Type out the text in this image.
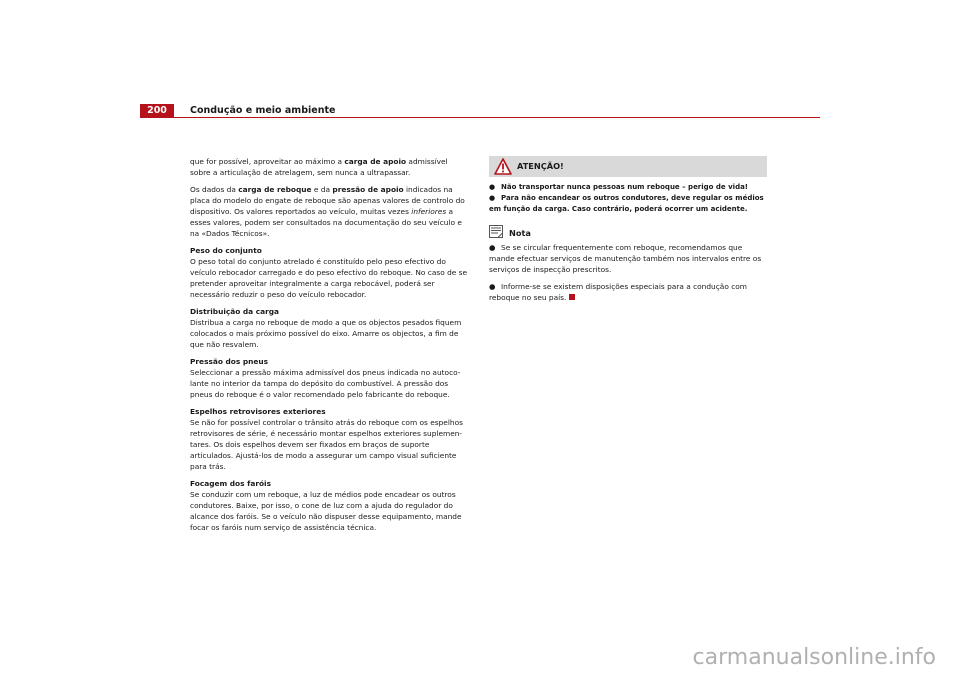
200	Condução e meio ambiente

que for possível, aproveitar ao máximo a carga de apoio admissível sobre a articulação de atrelagem, sem nunca a ultrapassar.

Os dados da carga de reboque e da pressão de apoio indicados na placa do modelo do engate de reboque são apenas valores de controlo do dispositivo. Os valores reportados ao veículo, muitas vezes inferiores a esses valores, podem ser consultados na documentação do seu veículo e na «Dados Técnicos».

Peso do conjunto

O peso total do conjunto atrelado é constituído pelo peso efectivo do veículo rebocador carregado e do peso efectivo do reboque. No caso de se pretender aproveitar integralmente a carga rebocável, poderá ser necessário reduzir o peso do veículo rebocador.

Distribuição da carga

Distribua a carga no reboque de modo a que os objectos pesados fiquem colocados o mais próximo possível do eixo. Amarre os objectos, a fim de que não resvalem.

Pressão dos pneus

Seleccionar a pressão máxima admissível dos pneus indicada no autoco-lante no interior da tampa do depósito do combustível. A pressão dos pneus do reboque é o valor recomendado pelo fabricante do reboque.

Espelhos retrovisores exteriores

Se não for possível controlar o trânsito atrás do reboque com os espelhos retrovisores de série, é necessário montar espelhos exteriores suplemen-tares. Os dois espelhos devem ser fixados em braços de suporte articulados. Ajustá-los de modo a assegurar um campo visual suficiente para trás.

Focagem dos faróis

Se conduzir com um reboque, a luz de médios pode encadear os outros condutores. Baixe, por isso, o cone de luz com a ajuda do regulador do alcance dos faróis. Se o veículo não dispuser desse equipamento, mande focar os faróis num serviço de assistência técnica.

ATENÇÃO!
● Não transportar nunca pessoas num reboque – perigo de vida!
● Para não encandear os outros condutores, deve regular os médios em função da carga. Caso contrário, poderá ocorrer um acidente.
Nota

● Se se circular frequentemente com reboque, recomendamos que mande efectuar serviços de manutenção também nos intervalos entre os serviços de inspecção prescritos.

● Informe-se se existem disposições especiais para a condução com reboque no seu país.

carmanualsonline.info
